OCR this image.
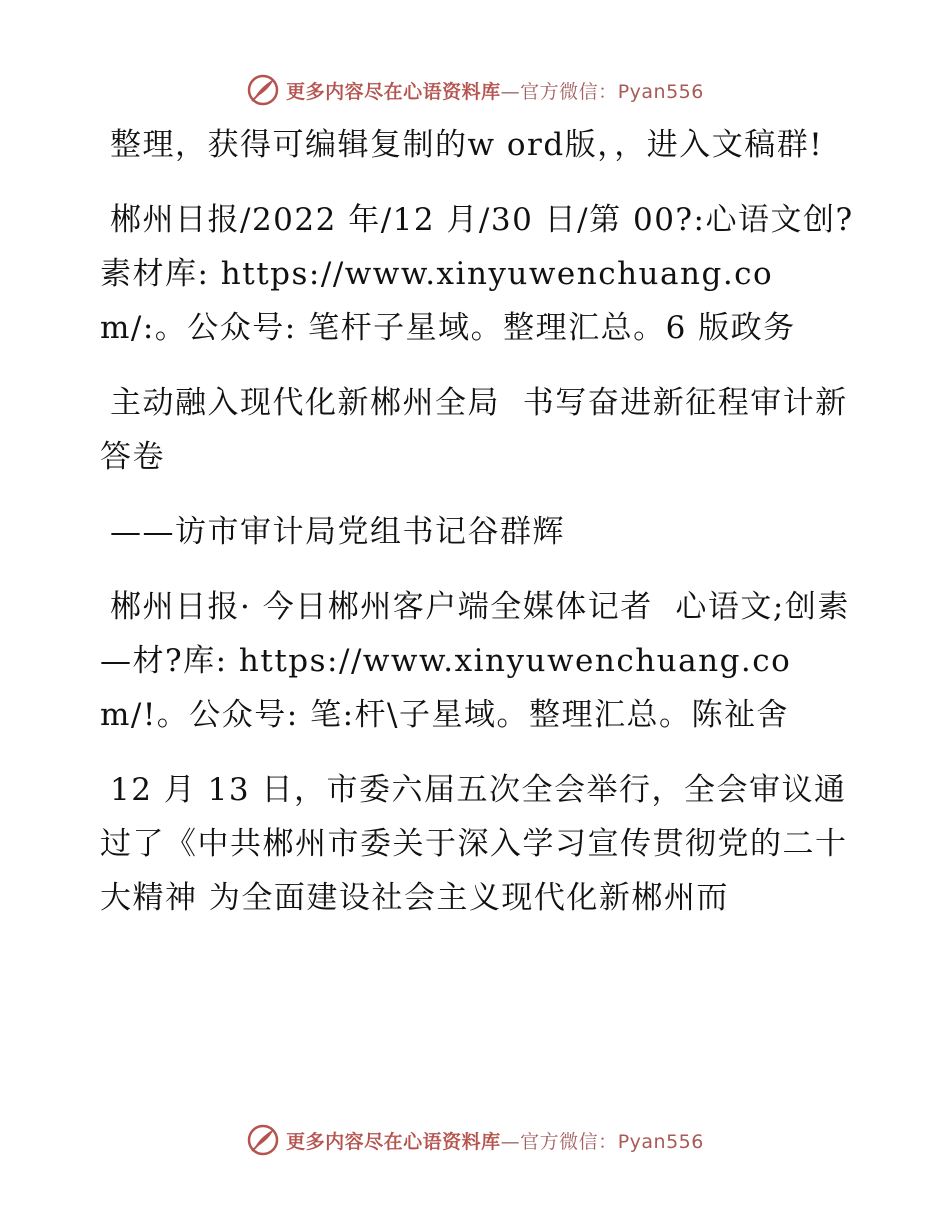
更多内容尽在心语资料库—官方微信：Pyan556

整理，获得可编辑复制的w ord版，，进入文稿群!

郴州日报/2022 年/12 月/30 日/第 00?:心语文创?素材库: https://www.xinyuwenchuang.com/:。公众号: 笔杆子星域。整理汇总。6 版政务

主动融入现代化新郴州全局  书写奋进新征程审计新答卷

——访市审计局党组书记谷群辉

郴州日报· 今日郴州客户端全媒体记者  心语文;创素—材?库: https://www.xinyuwenchuang.com/!。公众号: 笔:杆\子星域。整理汇总。陈祉舍

12 月 13 日，市委六届五次全会举行，全会审议通过了《中共郴州市委关于深入学习宣传贯彻党的二十大精神 为全面建设社会主义现代化新郴州而

更多内容尽在心语资料库—官方微信：Pyan556
